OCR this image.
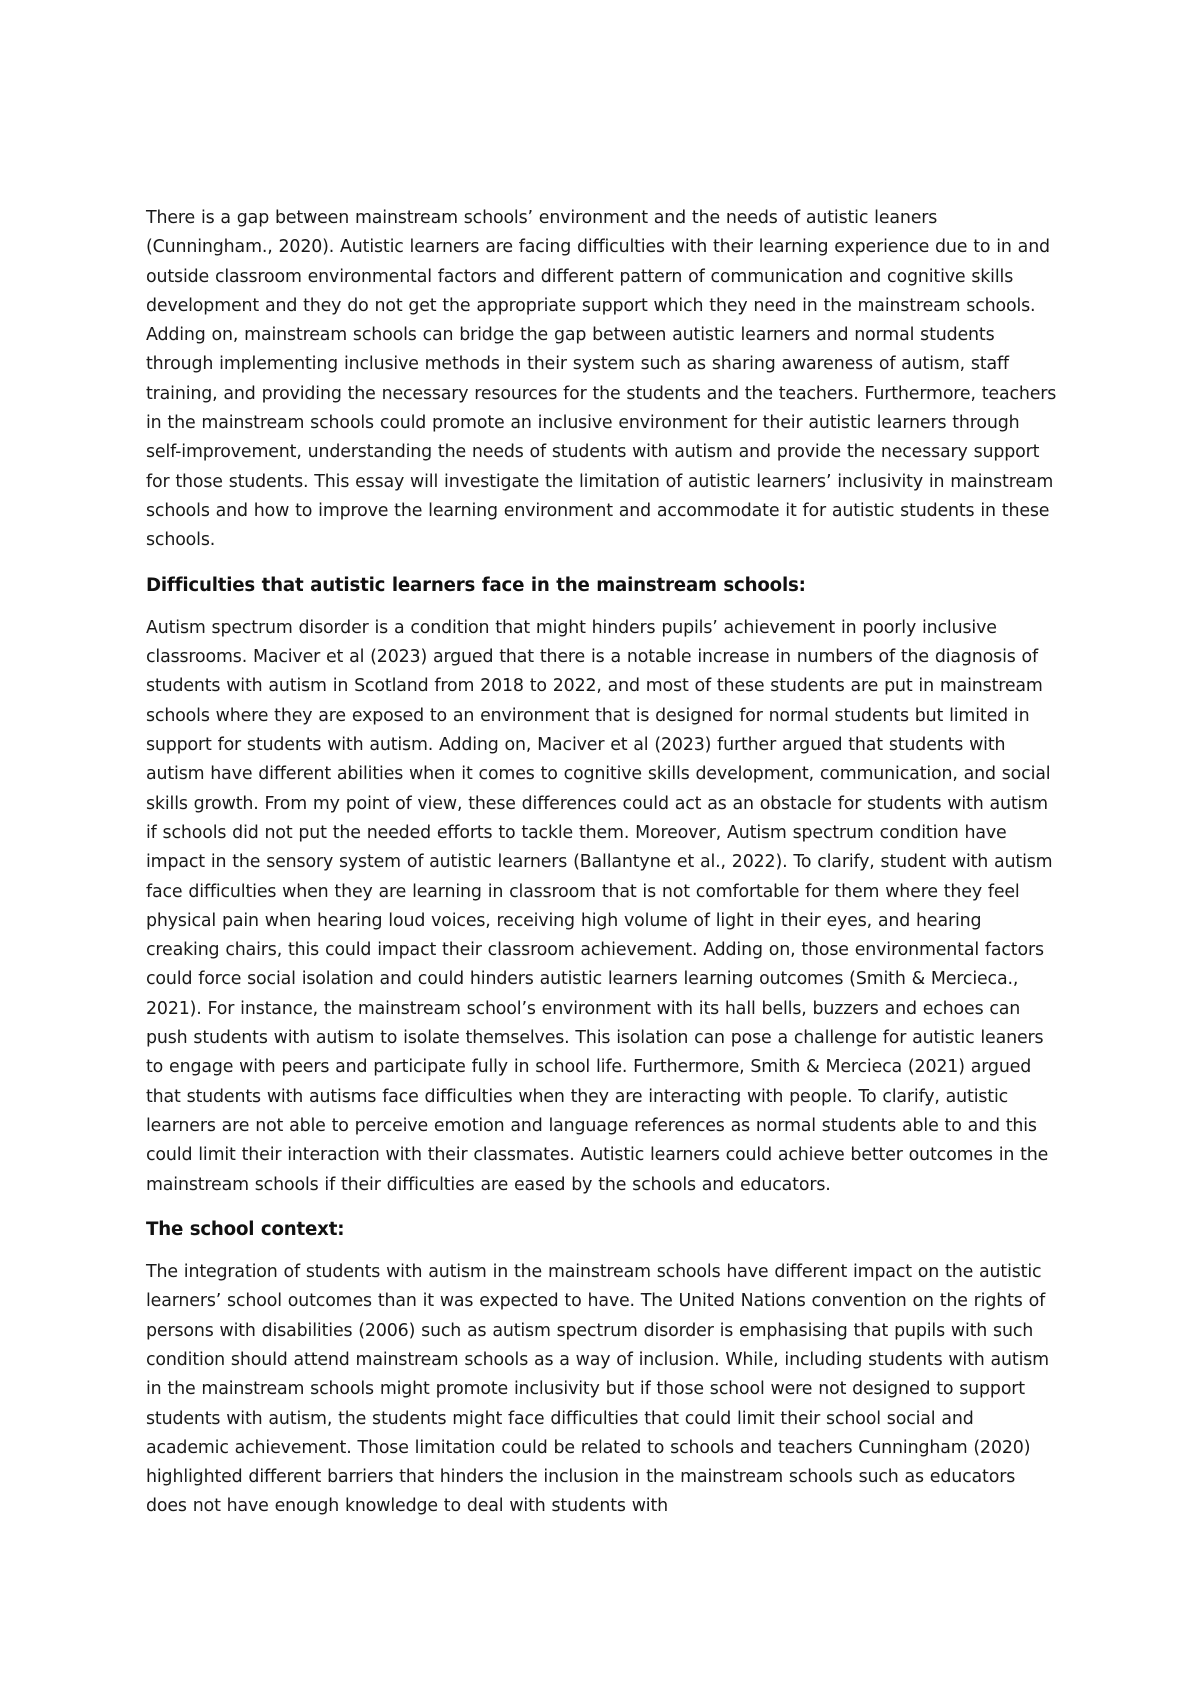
There is a gap between mainstream schools’ environment and the needs of autistic leaners (Cunningham., 2020). Autistic learners are facing difficulties with their learning experience due to in and outside classroom environmental factors and different pattern of communication and cognitive skills development and they do not get the appropriate support which they need in the mainstream schools. Adding on, mainstream schools can bridge the gap between autistic learners and normal students through implementing inclusive methods in their system such as sharing awareness of autism, staff training, and providing the necessary resources for the students and the teachers. Furthermore, teachers in the mainstream schools could promote an inclusive environment for their autistic learners through self-improvement, understanding the needs of students with autism and provide the necessary support for those students. This essay will investigate the limitation of autistic learners’ inclusivity in mainstream schools and how to improve the learning environment and accommodate it for autistic students in these schools.

Difficulties that autistic learners face in the mainstream schools:

Autism spectrum disorder is a condition that might hinders pupils’ achievement in poorly inclusive classrooms. Maciver et al (2023) argued that there is a notable increase in numbers of the diagnosis of students with autism in Scotland from 2018 to 2022, and most of these students are put in mainstream schools where they are exposed to an environment that is designed for normal students but limited in support for students with autism. Adding on, Maciver et al (2023) further argued that students with autism have different abilities when it comes to cognitive skills development, communication, and social skills growth. From my point of view, these differences could act as an obstacle for students with autism if schools did not put the needed efforts to tackle them. Moreover, Autism spectrum condition have impact in the sensory system of autistic learners (Ballantyne et al., 2022). To clarify, student with autism face difficulties when they are learning in classroom that is not comfortable for them where they feel physical pain when hearing loud voices, receiving high volume of light in their eyes, and hearing creaking chairs, this could impact their classroom achievement. Adding on, those environmental factors could force social isolation and could hinders autistic learners learning outcomes (Smith & Mercieca., 2021). For instance, the mainstream school’s environment with its hall bells, buzzers and echoes can push students with autism to isolate themselves. This isolation can pose a challenge for autistic leaners to engage with peers and participate fully in school life. Furthermore, Smith & Mercieca (2021) argued that students with autisms face difficulties when they are interacting with people. To clarify, autistic learners are not able to perceive emotion and language references as normal students able to and this could limit their interaction with their classmates. Autistic learners could achieve better outcomes in the mainstream schools if their difficulties are eased by the schools and educators.

The school context:

The integration of students with autism in the mainstream schools have different impact on the autistic learners’ school outcomes than it was expected to have. The United Nations convention on the rights of persons with disabilities (2006) such as autism spectrum disorder is emphasising that pupils with such condition should attend mainstream schools as a way of inclusion. While, including students with autism in the mainstream schools might promote inclusivity but if those school were not designed to support students with autism, the students might face difficulties that could limit their school social and academic achievement. Those limitation could be related to schools and teachers Cunningham (2020) highlighted different barriers that hinders the inclusion in the mainstream schools such as educators does not have enough knowledge to deal with students with
